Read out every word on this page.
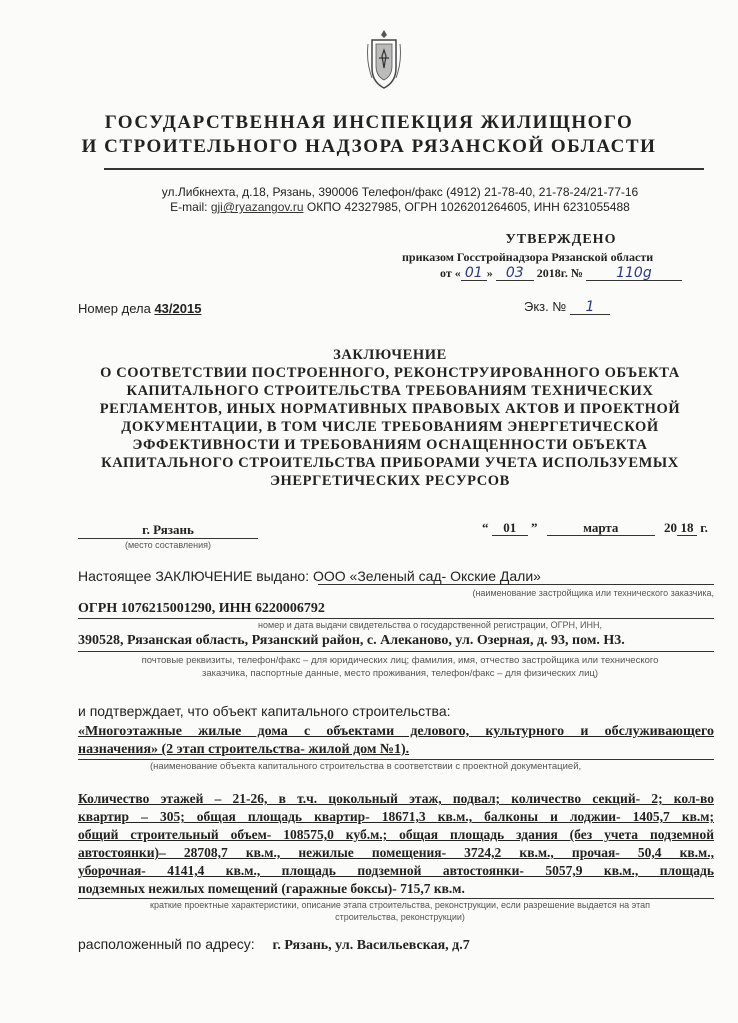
ГОСУДАРСТВЕННАЯ ИНСПЕКЦИЯ ЖИЛИЩНОГО
И СТРОИТЕЛЬНОГО НАДЗОРА РЯЗАНСКОЙ ОБЛАСТИ
ул.Либкнехта, д.18, Рязань, 390006 Телефон/факс (4912) 21-78-40, 21-78-24/21-77-16
E-mail: gji@ryazangov.ru ОКПО 42327985, ОГРН 1026201264605, ИНН 6231055488
УТВЕРЖДЕНО
приказом Госстройнадзора Рязанской области
от « 01 » 03 2018г. № 110g
Номер дела 43/2015	Экз. № 1
ЗАКЛЮЧЕНИЕ
О СООТВЕТСТВИИ ПОСТРОЕННОГО, РЕКОНСТРУИРОВАННОГО ОБЪЕКТА
КАПИТАЛЬНОГО СТРОИТЕЛЬСТВА ТРЕБОВАНИЯМ ТЕХНИЧЕСКИХ
РЕГЛАМЕНТОВ, ИНЫХ НОРМАТИВНЫХ ПРАВОВЫХ АКТОВ И ПРОЕКТНОЙ
ДОКУМЕНТАЦИИ, В ТОМ ЧИСЛЕ ТРЕБОВАНИЯМ ЭНЕРГЕТИЧЕСКОЙ
ЭФФЕКТИВНОСТИ И ТРЕБОВАНИЯМ ОСНАЩЕННОСТИ ОБЪЕКТА
КАПИТАЛЬНОГО СТРОИТЕЛЬСТВА ПРИБОРАМИ УЧЕТА ИСПОЛЬЗУЕМЫХ
ЭНЕРГЕТИЧЕСКИХ РЕСУРСОВ
г. Рязань
(место составления)
“ 01 ”	марта	20 18 г.
Настоящее ЗАКЛЮЧЕНИЕ выдано: ООО «Зеленый сад- Окские Дали»
(наименование застройщика или технического заказчика,
ОГРН 1076215001290, ИНН 6220006792
номер и дата выдачи свидетельства о государственной регистрации, ОГРН, ИНН,
390528, Рязанская область, Рязанский район, с. Алеканово, ул. Озерная, д. 93, пом. Н3.
почтовые реквизиты, телефон/факс – для юридических лиц; фамилия, имя, отчество застройщика или технического
заказчика, паспортные данные, место проживания, телефон/факс – для физических лиц)
и подтверждает, что объект капитального строительства:
«Многоэтажные жилые дома с объектами делового, культурного и обслуживающего
назначения» (2 этап строительства- жилой дом №1).
(наименование объекта капитального строительства в соответствии с проектной документацией,
Количество этажей – 21-26, в т.ч. цокольный этаж, подвал; количество секций- 2; кол-во
квартир – 305; общая площадь квартир- 18671,3 кв.м., балконы и лоджии- 1405,7 кв.м;
общий строительный объем- 108575,0 куб.м.; общая площадь здания (без учета подземной
автостоянки)– 28708,7 кв.м., нежилые помещения- 3724,2 кв.м., прочая- 50,4 кв.м.,
уборочная- 4141,4 кв.м., площадь подземной автостоянки- 5057,9 кв.м., площадь
подземных нежилых помещений (гаражные боксы)- 715,7 кв.м.
краткие проектные характеристики, описание этапа строительства, реконструкции, если разрешение выдается на этап
строительства, реконструкции)
расположенный по адресу: г. Рязань, ул. Васильевская, д.7
